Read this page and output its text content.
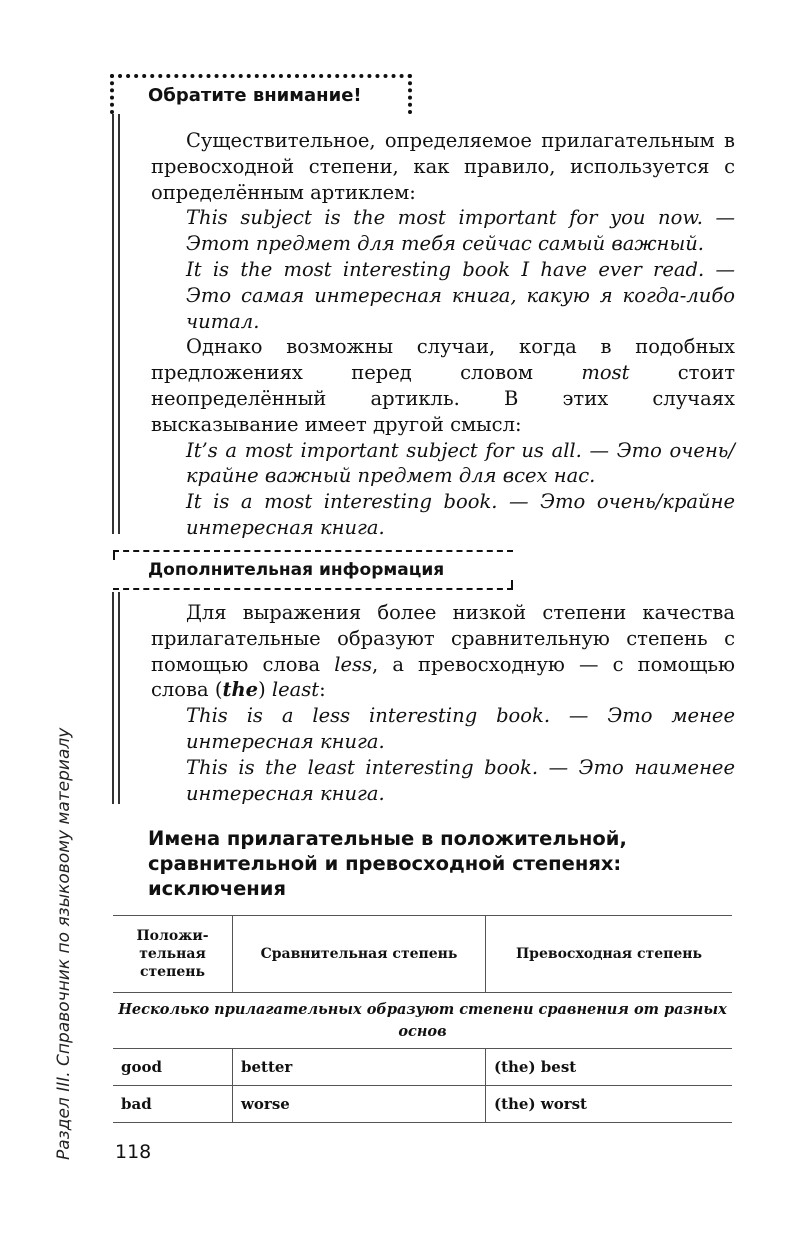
Обратите внимание!

Существительное, определяемое прилагательным в превосходной степени, как правило, используется с определённым артиклем:

This subject is the most important for you now. — Этот предмет для тебя сейчас самый важный.

It is the most interesting book I have ever read. — Это самая интересная книга, какую я когда-либо читал.

Однако возможны случаи, когда в подобных предложениях перед словом most стоит неопределённый артикль. В этих случаях высказывание имеет другой смысл:

It’s a most important subject for us all. — Это очень/крайне важный предмет для всех нас.

It is a most interesting book. — Это очень/крайне интересная книга.

Дополнительная информация

Для выражения более низкой степени качества прилагательные образуют сравнительную степень с помощью слова less, а превосходную — с помощью слова (the) least:

This is a less interesting book. — Это менее интересная книга.

This is the least interesting book. — Это наименее интересная книга.

Имена прилагательные в положительной, сравнительной и превосходной степенях: исключения
Положи-тельная степень	Сравнительная степень	Превосходная степень
Несколько прилагательных образуют степени сравнения от разных основ		
good	better	(the) best
bad	worse	(the) worst
118
Раздел III. Справочник по языковому материалу
